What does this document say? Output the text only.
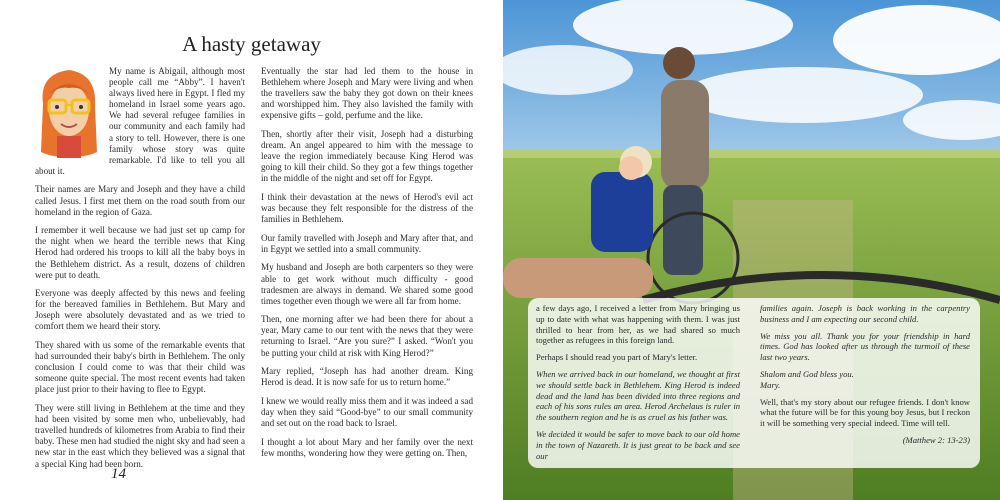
A hasty getaway

My name is Abigail, although most people call me “Abby”. I haven't always lived here in Egypt. I fled my homeland in Israel some years ago. We had several refugee families in our community and each family had a story to tell. However, there is one family whose story was quite remarkable. I'd like to tell you all about it.

Their names are Mary and Joseph and they have a child called Jesus. I first met them on the road south from our homeland in the region of Gaza.

I remember it well because we had just set up camp for the night when we heard the terrible news that King Herod had ordered his troops to kill all the baby boys in the Bethlehem district. As a result, dozens of children were put to death.

Everyone was deeply affected by this news and feeling for the bereaved families in Bethlehem. But Mary and Joseph were absolutely devastated and as we tried to comfort them we heard their story.

They shared with us some of the remarkable events that had surrounded their baby's birth in Bethlehem. The only conclusion I could come to was that their child was someone quite special. The most recent events had taken place just prior to their having to flee to Egypt.

They were still living in Bethlehem at the time and they had been visited by some men who, unbelievably, had travelled hundreds of kilometres from Arabia to find their baby. These men had studied the night sky and had seen a new star in the east which they believed was a signal that a special King had been born.

Eventually the star had led them to the house in Bethlehem where Joseph and Mary were living and when the travellers saw the baby they got down on their knees and worshipped him. They also lavished the family with expensive gifts – gold, perfume and the like.

Then, shortly after their visit, Joseph had a disturbing dream. An angel appeared to him with the message to leave the region immediately because King Herod was going to kill their child. So they got a few things together in the middle of the night and set off for Egypt.

I think their devastation at the news of Herod's evil act was because they felt responsible for the distress of the families in Bethlehem.

Our family travelled with Joseph and Mary after that, and in Egypt we settled into a small community.

My husband and Joseph are both carpenters so they were able to get work without much difficulty - good tradesmen are always in demand. We shared some good times together even though we were all far from home.

Then, one morning after we had been there for about a year, Mary came to our tent with the news that they were returning to Israel. “Are you sure?” I asked. “Won't you be putting your child at risk with King Herod?”

Mary replied, “Joseph has had another dream. King Herod is dead. It is now safe for us to return home.”

I knew we would really miss them and it was indeed a sad day when they said “Good-bye” to our small community and set out on the road back to Israel.

I thought a lot about Mary and her family over the next few months, wondering how they were getting on. Then,

14

a few days ago, I received a letter from Mary bringing us up to date with what was happening with them. I was just thrilled to hear from her, as we had shared so much together as refugees in this foreign land.

Perhaps I should read you part of Mary's letter.

When we arrived back in our homeland, we thought at first we should settle back in Bethlehem. King Herod is indeed dead and the land has been divided into three regions and each of his sons rules an area. Herod Archelaus is ruler in the southern region and he is as cruel as his father was.

We decided it would be safer to move back to our old home in the town of Nazareth. It is just great to be back and see our

families again. Joseph is back working in the carpentry business and I am expecting our second child.

We miss you all. Thank you for your friendship in hard times. God has looked after us through the turmoil of these last two years.

Shalom and God bless you.

Mary.

Well, that's my story about our refugee friends. I don't know what the future will be for this young boy Jesus, but I reckon it will be something very special indeed. Time will tell.

(Matthew 2: 13-23)
